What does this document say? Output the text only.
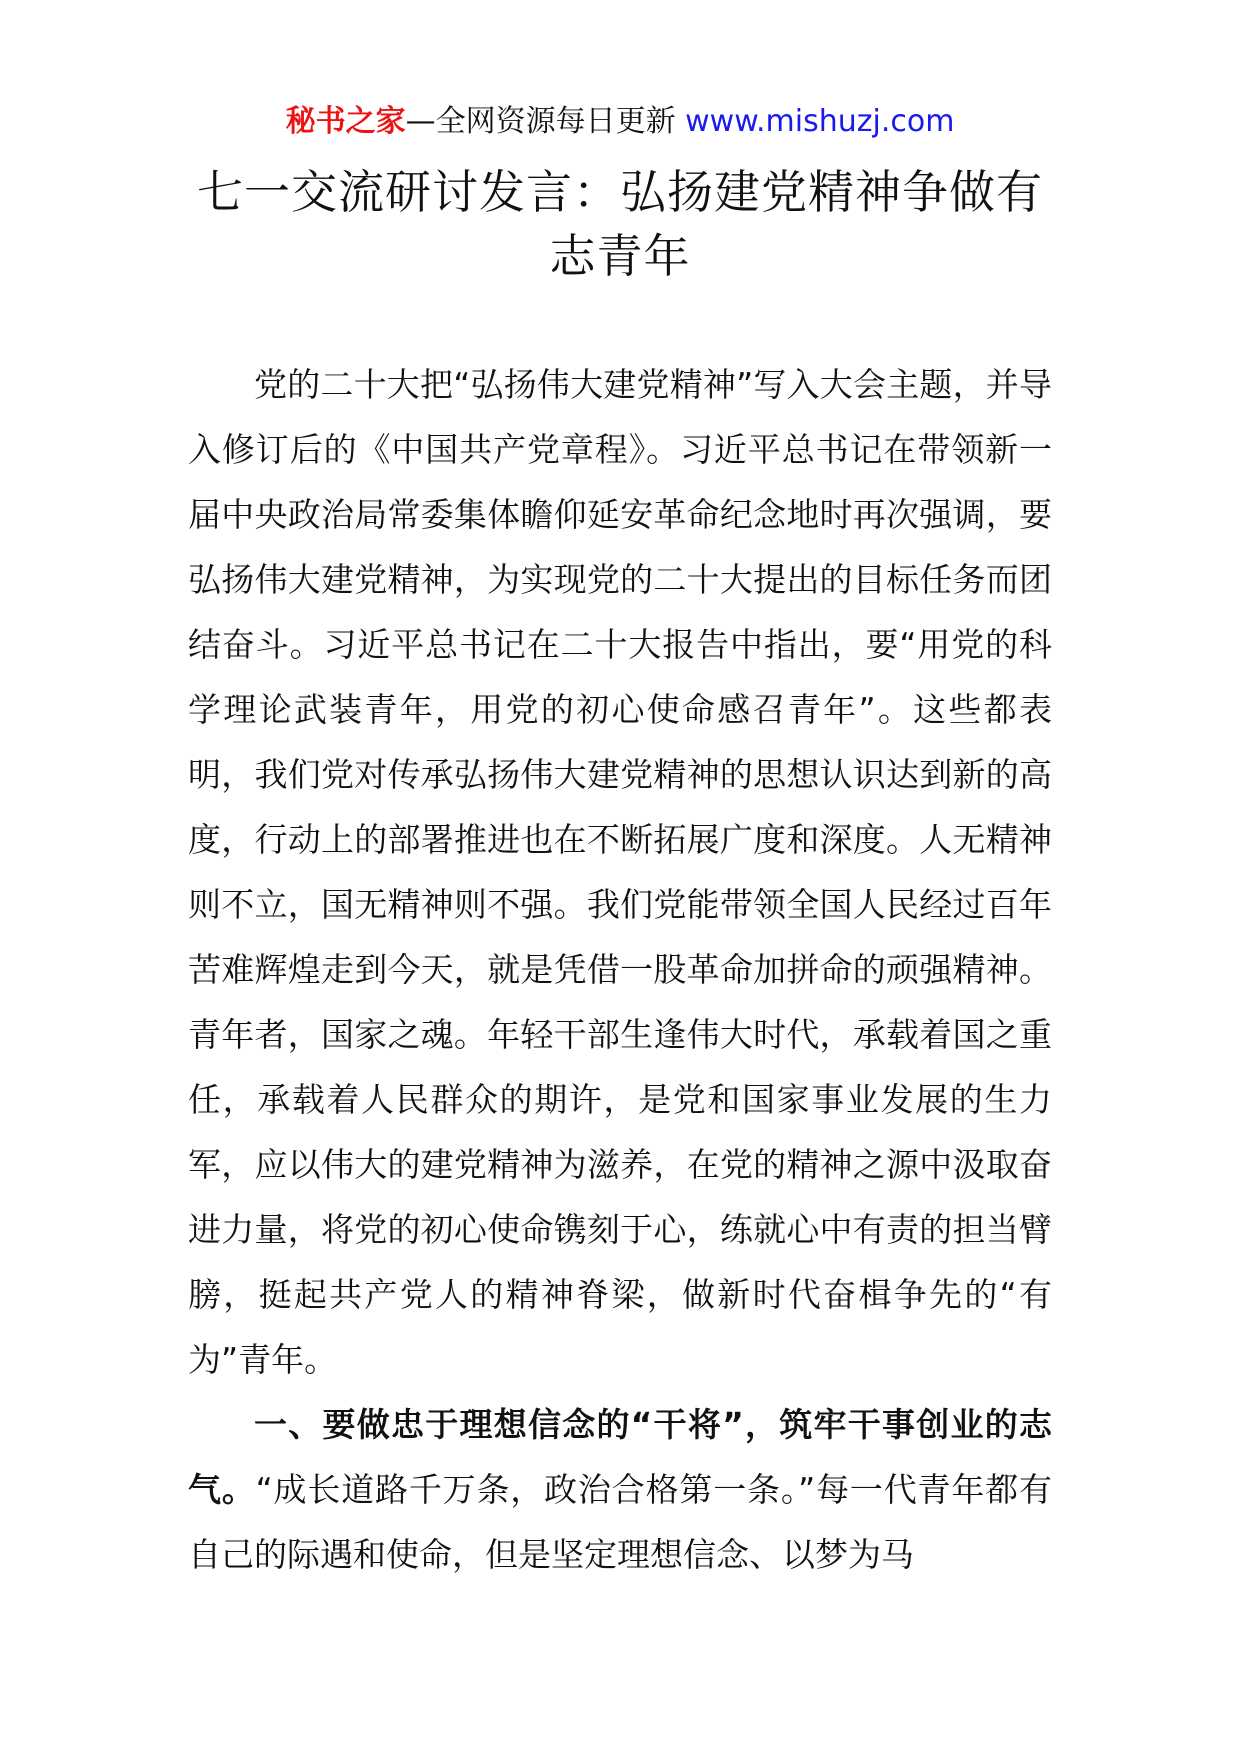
秘书之家—全网资源每日更新 www.mishuzj.com
七一交流研讨发言：弘扬建党精神争做有志青年

党的二十大把“弘扬伟大建党精神”写入大会主题，并导入修订后的《中国共产党章程》。习近平总书记在带领新一届中央政治局常委集体瞻仰延安革命纪念地时再次强调，要弘扬伟大建党精神，为实现党的二十大提出的目标任务而团结奋斗。习近平总书记在二十大报告中指出，要“用党的科学理论武装青年，用党的初心使命感召青年”。这些都表明，我们党对传承弘扬伟大建党精神的思想认识达到新的高度，行动上的部署推进也在不断拓展广度和深度。人无精神则不立，国无精神则不强。我们党能带领全国人民经过百年苦难辉煌走到今天，就是凭借一股革命加拼命的顽强精神。青年者，国家之魂。年轻干部生逢伟大时代，承载着国之重任，承载着人民群众的期许，是党和国家事业发展的生力军，应以伟大的建党精神为滋养，在党的精神之源中汲取奋进力量，将党的初心使命镌刻于心，练就心中有责的担当臂膀，挺起共产党人的精神脊梁，做新时代奋楫争先的“有为”青年。

一、要做忠于理想信念的“干将”，筑牢干事创业的志气。“成长道路千万条，政治合格第一条。”每一代青年都有自己的际遇和使命，但是坚定理想信念、以梦为马
